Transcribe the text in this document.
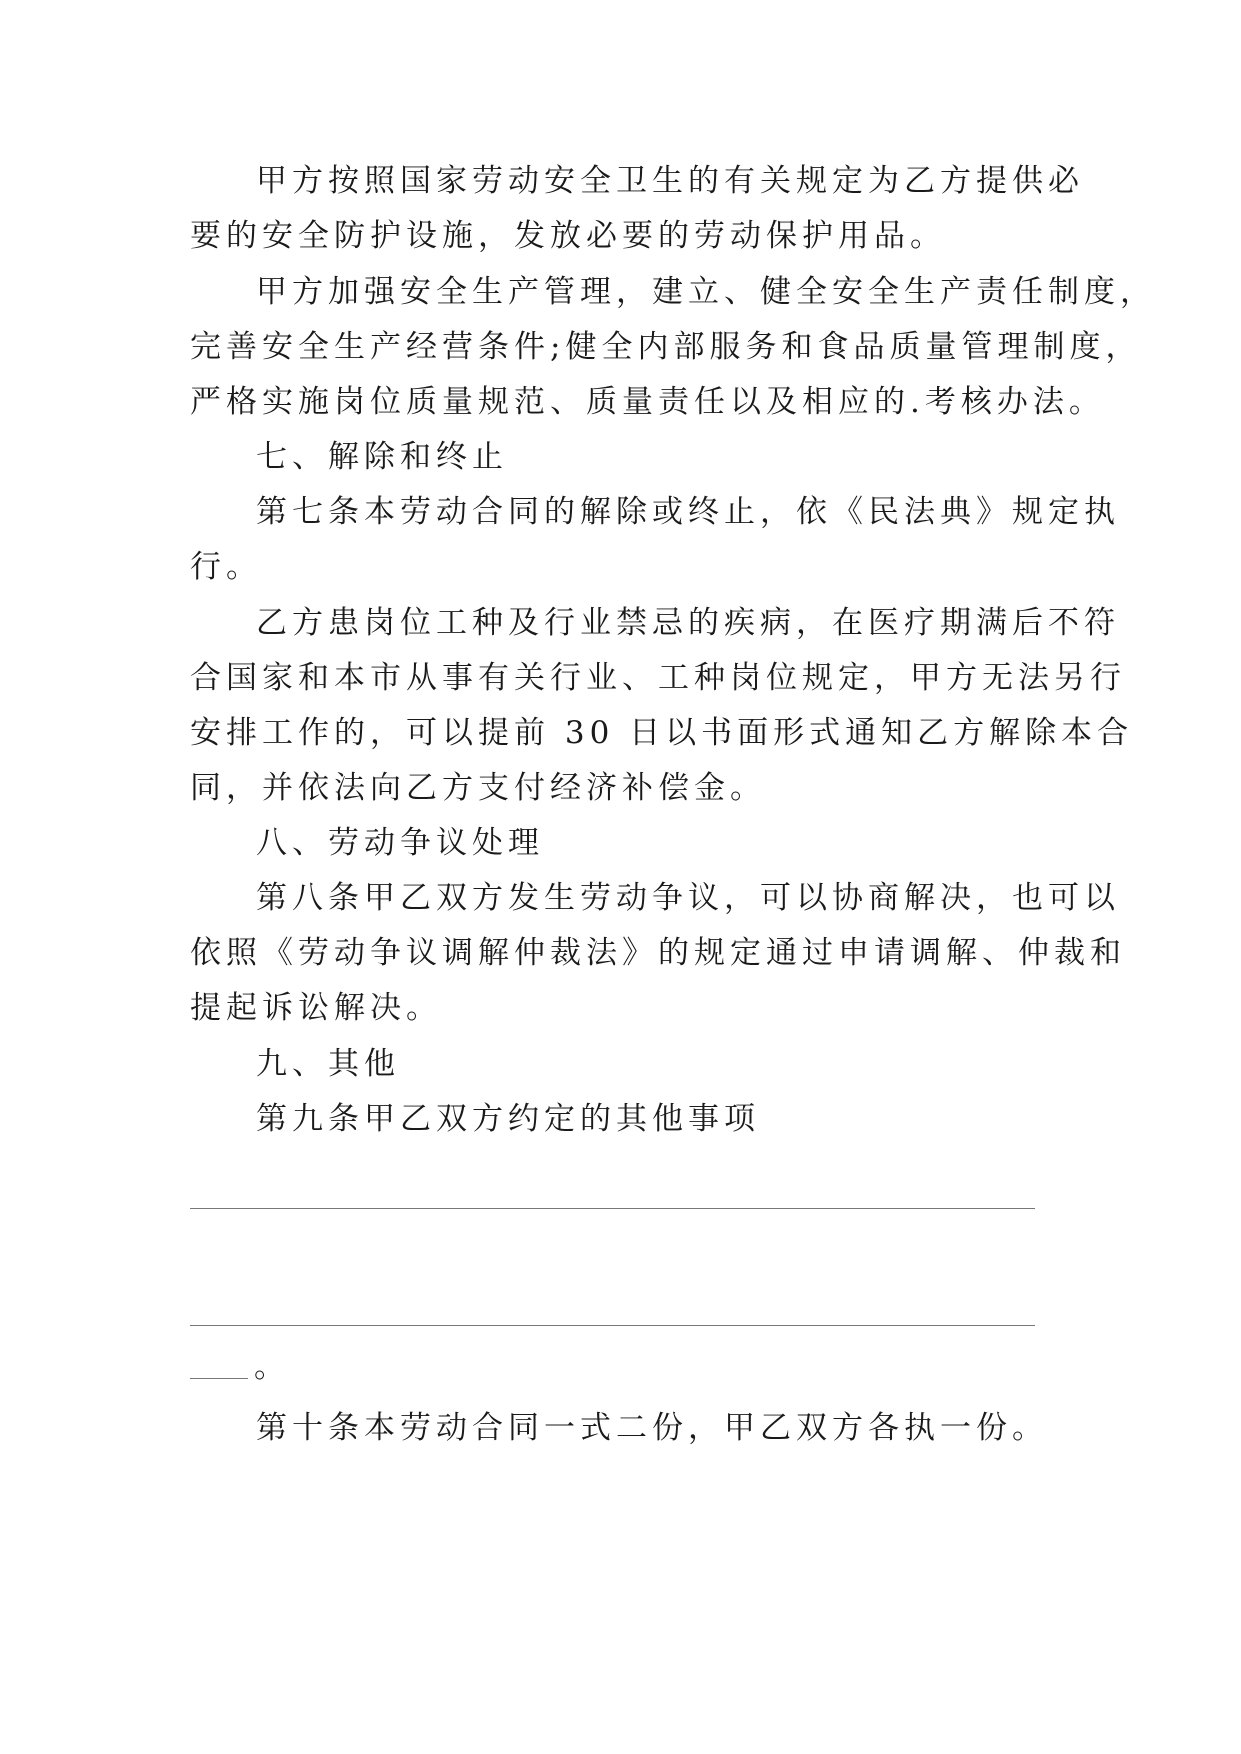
甲方按照国家劳动安全卫生的有关规定为乙方提供必
要的安全防护设施，发放必要的劳动保护用品。
甲方加强安全生产管理，建立、健全安全生产责任制度，
完善安全生产经营条件;健全内部服务和食品质量管理制度，
严格实施岗位质量规范、质量责任以及相应的.考核办法。
七、解除和终止
第七条本劳动合同的解除或终止，依《民法典》规定执
行。
乙方患岗位工种及行业禁忌的疾病，在医疗期满后不符
合国家和本市从事有关行业、工种岗位规定，甲方无法另行
安排工作的，可以提前 30 日以书面形式通知乙方解除本合
同，并依法向乙方支付经济补偿金。
八、劳动争议处理
第八条甲乙双方发生劳动争议，可以协商解决，也可以
依照《劳动争议调解仲裁法》的规定通过申请调解、仲裁和
提起诉讼解决。
九、其他
第九条甲乙双方约定的其他事项
。
第十条本劳动合同一式二份，甲乙双方各执一份。
